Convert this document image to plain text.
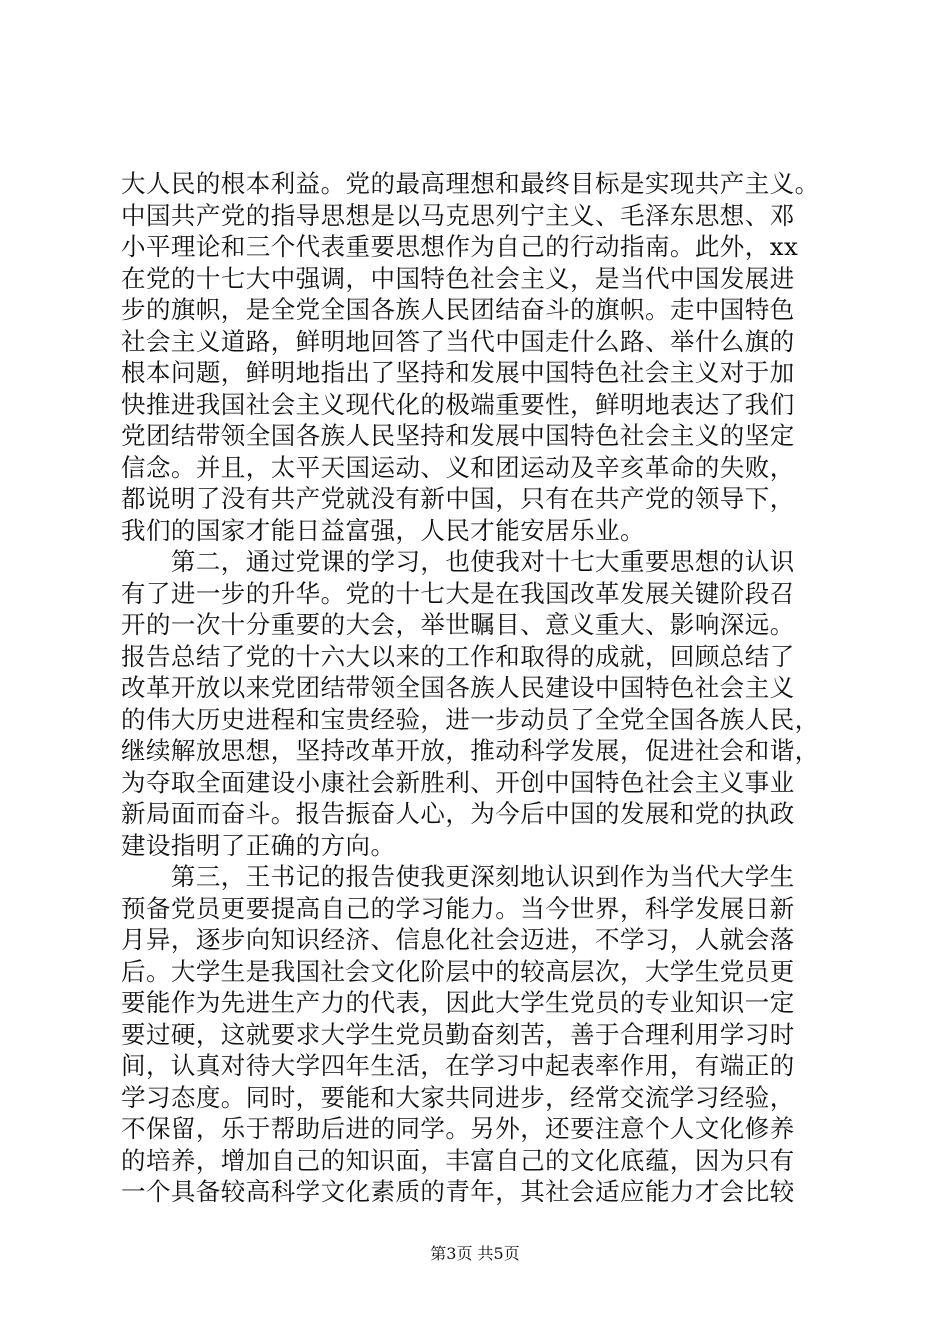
大人民的根本利益。党的最高理想和最终目标是实现共产主义。
中国共产党的指导思想是以马克思列宁主义、毛泽东思想、邓
小平理论和三个代表重要思想作为自己的行动指南。此外，xx
在党的十七大中强调，中国特色社会主义，是当代中国发展进
步的旗帜，是全党全国各族人民团结奋斗的旗帜。走中国特色
社会主义道路，鲜明地回答了当代中国走什么路、举什么旗的
根本问题，鲜明地指出了坚持和发展中国特色社会主义对于加
快推进我国社会主义现代化的极端重要性，鲜明地表达了我们
党团结带领全国各族人民坚持和发展中国特色社会主义的坚定
信念。并且，太平天国运动、义和团运动及辛亥革命的失败，
都说明了没有共产党就没有新中国，只有在共产党的领导下，
我们的国家才能日益富强，人民才能安居乐业。
　　第二，通过党课的学习，也使我对十七大重要思想的认识
有了进一步的升华。党的十七大是在我国改革发展关键阶段召
开的一次十分重要的大会，举世瞩目、意义重大、影响深远。
报告总结了党的十六大以来的工作和取得的成就，回顾总结了
改革开放以来党团结带领全国各族人民建设中国特色社会主义
的伟大历史进程和宝贵经验，进一步动员了全党全国各族人民，
继续解放思想，坚持改革开放，推动科学发展，促进社会和谐，
为夺取全面建设小康社会新胜利、开创中国特色社会主义事业
新局面而奋斗。报告振奋人心，为今后中国的发展和党的执政
建设指明了正确的方向。
　　第三，王书记的报告使我更深刻地认识到作为当代大学生
预备党员更要提高自己的学习能力。当今世界，科学发展日新
月异，逐步向知识经济、信息化社会迈进，不学习，人就会落
后。大学生是我国社会文化阶层中的较高层次，大学生党员更
要能作为先进生产力的代表，因此大学生党员的专业知识一定
要过硬，这就要求大学生党员勤奋刻苦，善于合理利用学习时
间，认真对待大学四年生活，在学习中起表率作用，有端正的
学习态度。同时，要能和大家共同进步，经常交流学习经验，
不保留，乐于帮助后进的同学。另外，还要注意个人文化修养
的培养，增加自己的知识面，丰富自己的文化底蕴，因为只有
一个具备较高科学文化素质的青年，其社会适应能力才会比较
第3页 共5页
